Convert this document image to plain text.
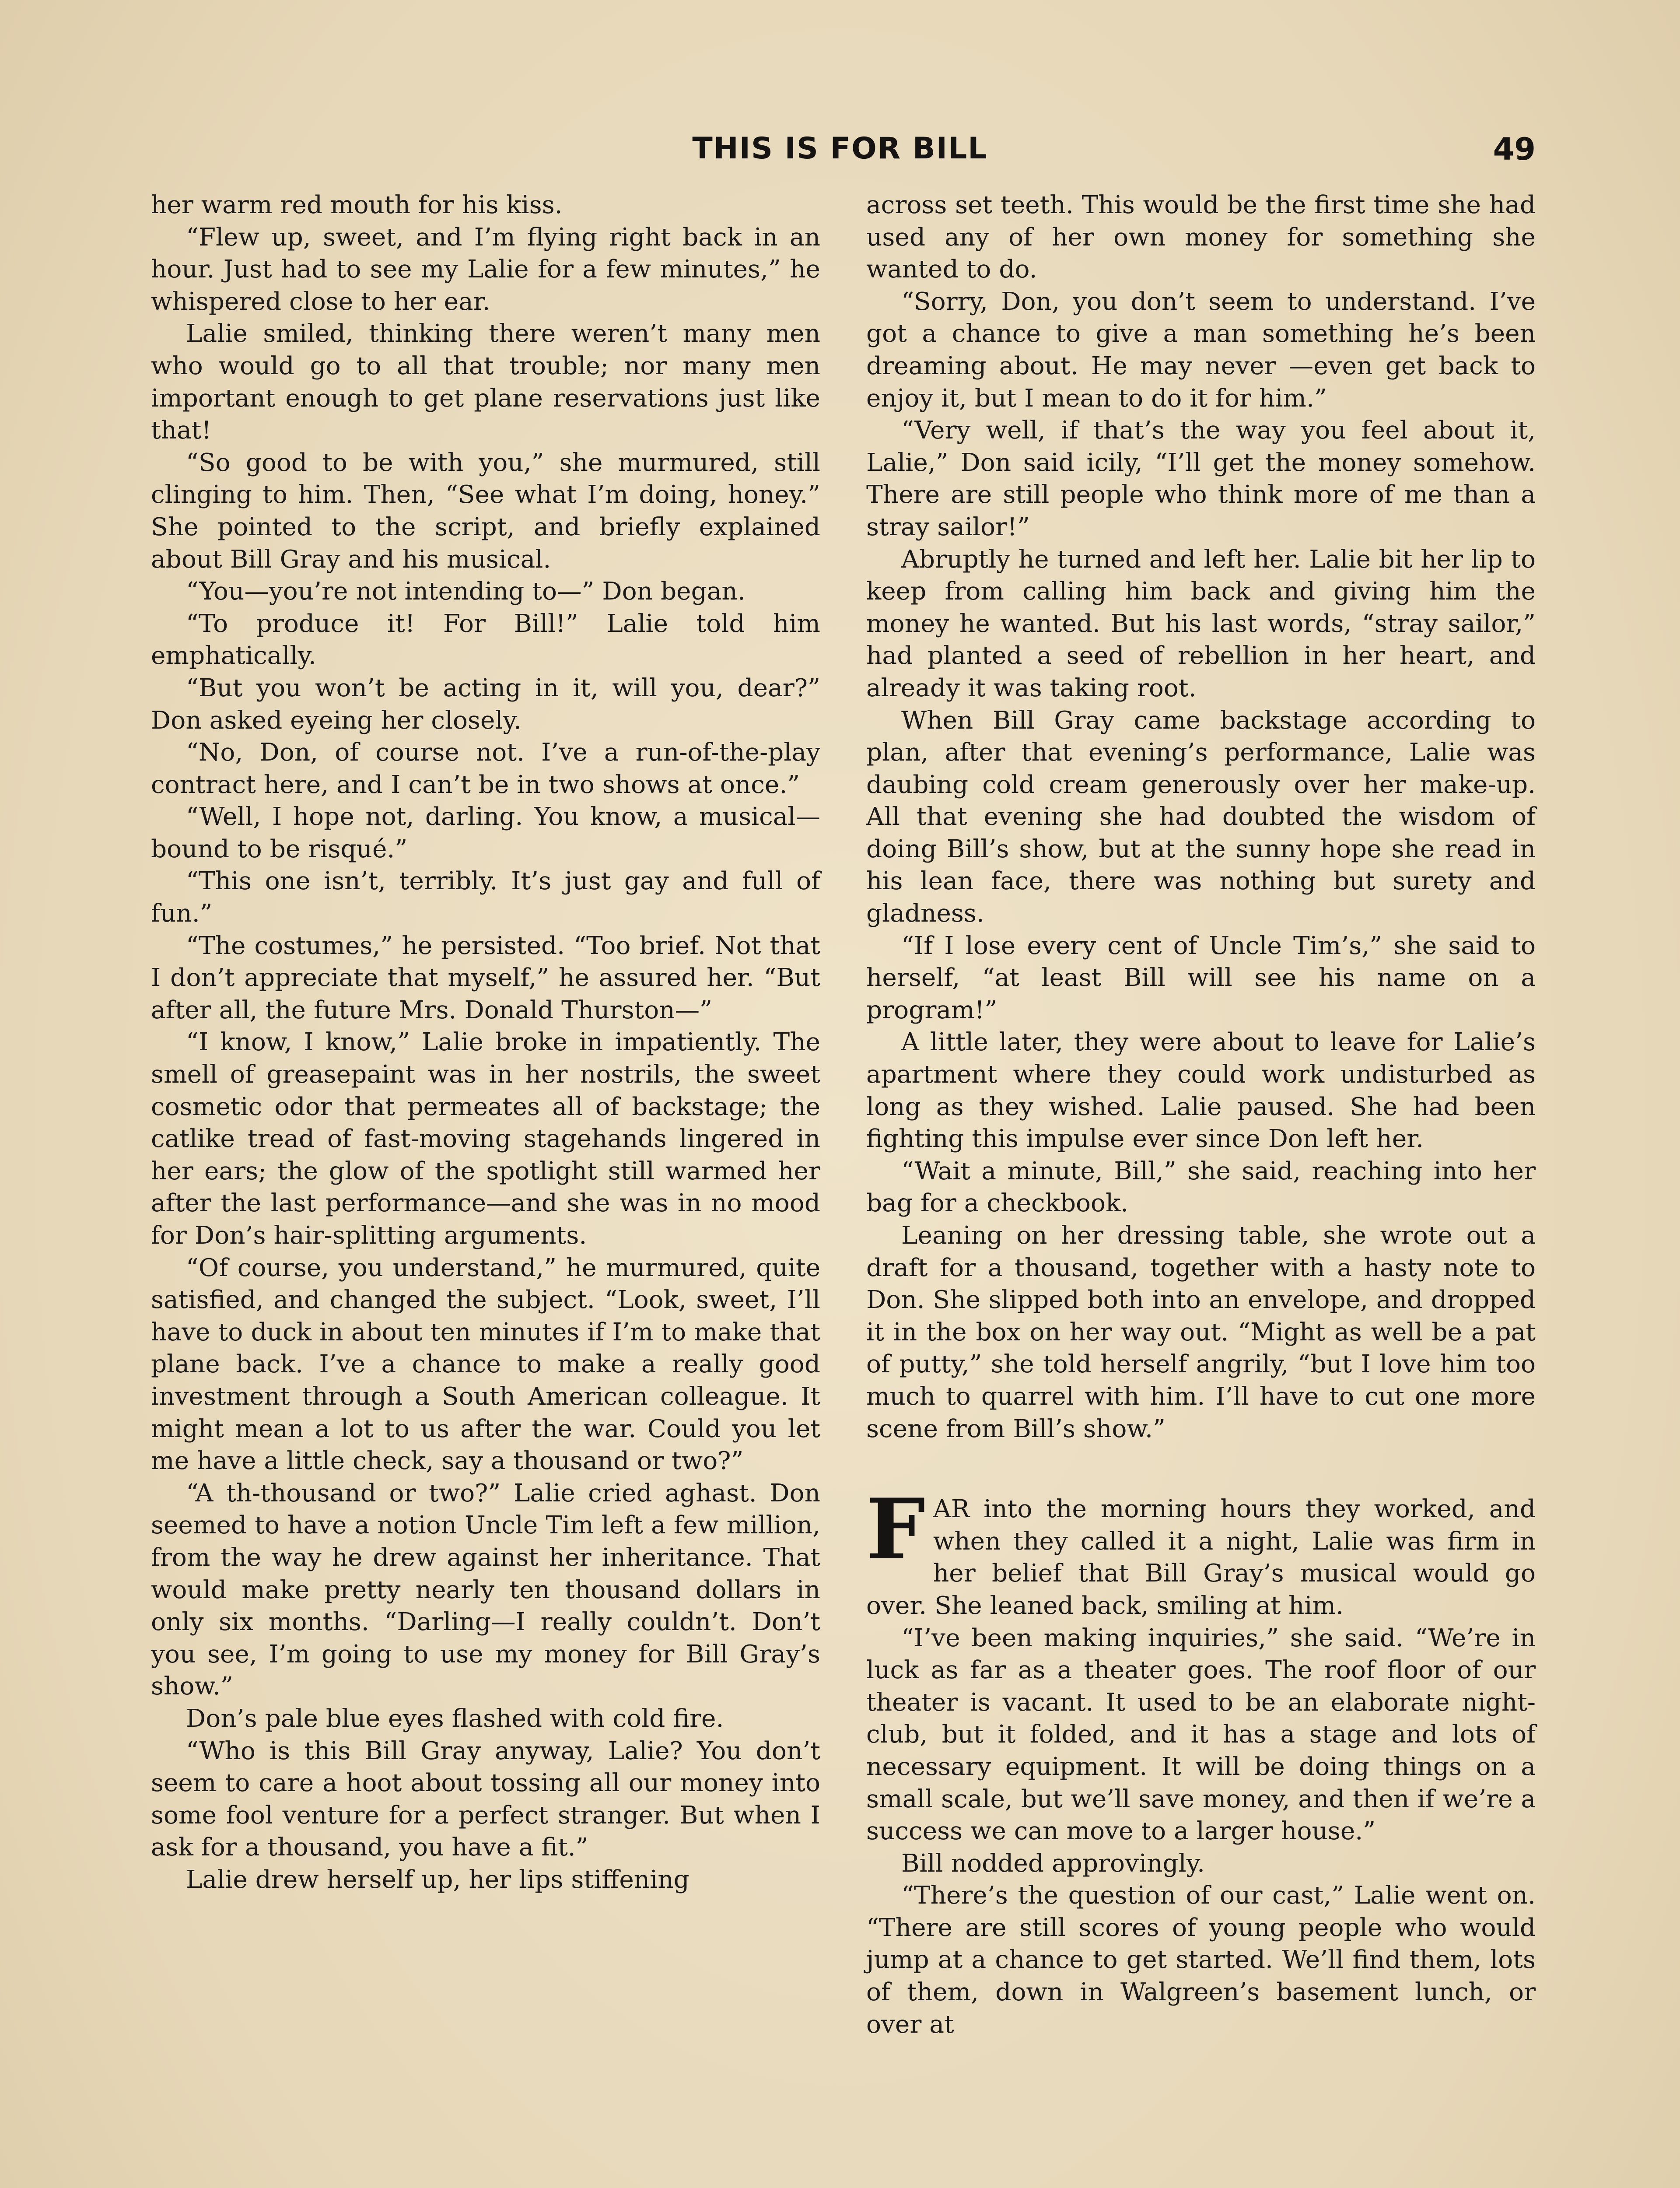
THIS IS FOR BILL	49

her warm red mouth for his kiss.

“Flew up, sweet, and I’m flying right back in an hour. Just had to see my Lalie for a few minutes,” he whispered close to her ear.

Lalie smiled, thinking there weren’t many men who would go to all that trouble; nor many men important enough to get plane reservations just like that!

“So good to be with you,” she murmured, still clinging to him. Then, “See what I’m doing, honey.” She pointed to the script, and briefly explained about Bill Gray and his musical.

“You—you’re not intending to—” Don began.

“To produce it! For Bill!” Lalie told him emphatically.

“But you won’t be acting in it, will you, dear?” Don asked eyeing her closely.

“No, Don, of course not. I’ve a run-of-the-play contract here, and I can’t be in two shows at once.”

“Well, I hope not, darling. You know, a musical—bound to be risqué.”

“This one isn’t, terribly. It’s just gay and full of fun.”

“The costumes,” he persisted. “Too brief. Not that I don’t appreciate that myself,” he assured her. “But after all, the future Mrs. Donald Thurston—”

“I know, I know,” Lalie broke in impatiently. The smell of greasepaint was in her nostrils, the sweet cosmetic odor that permeates all of backstage; the catlike tread of fast-moving stagehands lingered in her ears; the glow of the spotlight still warmed her after the last performance—and she was in no mood for Don’s hair-splitting arguments.

“Of course, you understand,” he murmured, quite satisfied, and changed the subject. “Look, sweet, I’ll have to duck in about ten minutes if I’m to make that plane back. I’ve a chance to make a really good investment through a South American colleague. It might mean a lot to us after the war. Could you let me have a little check, say a thousand or two?”

“A th-thousand or two?” Lalie cried aghast. Don seemed to have a notion Uncle Tim left a few million, from the way he drew against her inheritance. That would make pretty nearly ten thousand dollars in only six months. “Darling—I really couldn’t. Don’t you see, I’m going to use my money for Bill Gray’s show.”

Don’s pale blue eyes flashed with cold fire.

“Who is this Bill Gray anyway, Lalie? You don’t seem to care a hoot about tossing all our money into some fool venture for a perfect stranger. But when I ask for a thousand, you have a fit.”

Lalie drew herself up, her lips stiffening

across set teeth. This would be the first time she had used any of her own money for something she wanted to do.

“Sorry, Don, you don’t seem to understand. I’ve got a chance to give a man something he’s been dreaming about. He may never —even get back to enjoy it, but I mean to do it for him.”

“Very well, if that’s the way you feel about it, Lalie,” Don said icily, “I’ll get the money somehow. There are still people who think more of me than a stray sailor!”

Abruptly he turned and left her. Lalie bit her lip to keep from calling him back and giving him the money he wanted. But his last words, “stray sailor,” had planted a seed of rebellion in her heart, and already it was taking root.

When Bill Gray came backstage according to plan, after that evening’s performance, Lalie was daubing cold cream generously over her make-up. All that evening she had doubted the wisdom of doing Bill’s show, but at the sunny hope she read in his lean face, there was nothing but surety and gladness.

“If I lose every cent of Uncle Tim’s,” she said to herself, “at least Bill will see his name on a program!”

A little later, they were about to leave for Lalie’s apartment where they could work undisturbed as long as they wished. Lalie paused. She had been fighting this impulse ever since Don left her.

“Wait a minute, Bill,” she said, reaching into her bag for a checkbook.

Leaning on her dressing table, she wrote out a draft for a thousand, together with a hasty note to Don. She slipped both into an envelope, and dropped it in the box on her way out. “Might as well be a pat of putty,” she told herself angrily, “but I love him too much to quarrel with him. I’ll have to cut one more scene from Bill’s show.”

FAR into the morning hours they worked, and when they called it a night, Lalie was firm in her belief that Bill Gray’s musical would go over. She leaned back, smiling at him.

“I’ve been making inquiries,” she said. “We’re in luck as far as a theater goes. The roof floor of our theater is vacant. It used to be an elaborate night-club, but it folded, and it has a stage and lots of necessary equipment. It will be doing things on a small scale, but we’ll save money, and then if we’re a success we can move to a larger house.”

Bill nodded approvingly.

“There’s the question of our cast,” Lalie went on. “There are still scores of young people who would jump at a chance to get started. We’ll find them, lots of them, down in Walgreen’s basement lunch, or over at
